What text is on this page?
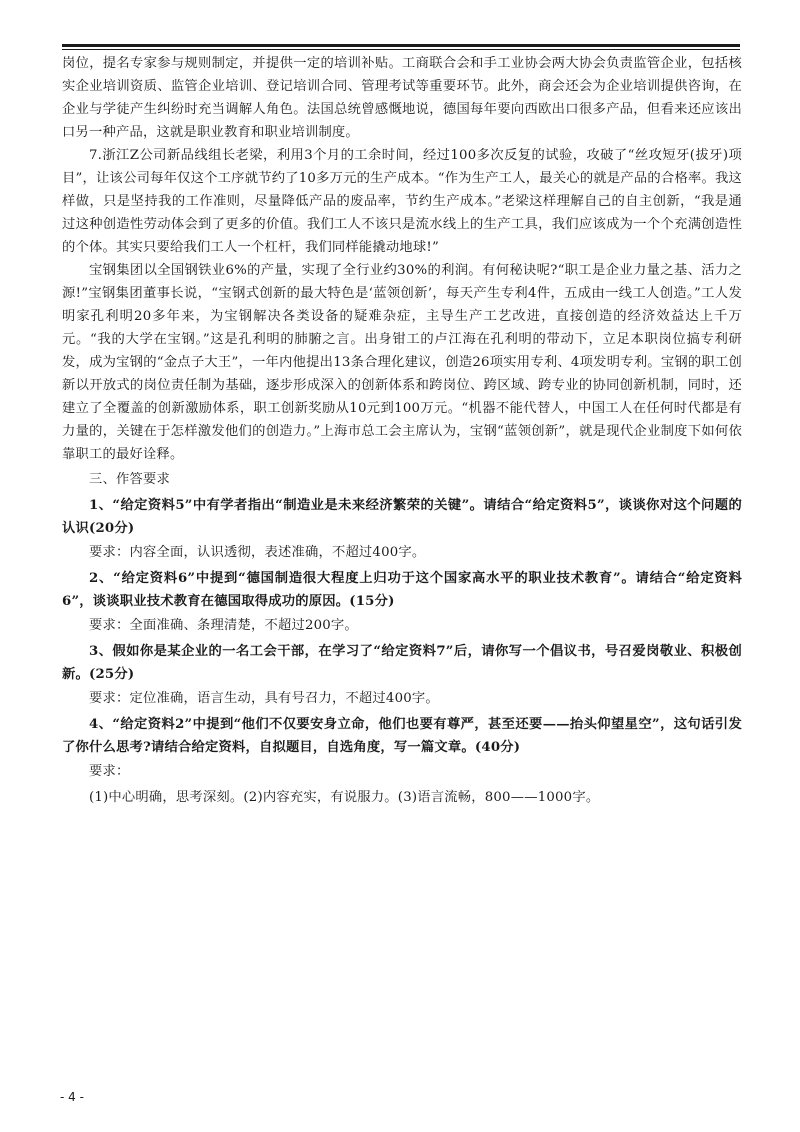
岗位，提名专家参与规则制定，并提供一定的培训补贴。工商联合会和手工业协会两大协会负责监管企业，包括核实企业培训资质、监管企业培训、登记培训合同、管理考试等重要环节。此外，商会还会为企业培训提供咨询，在企业与学徒产生纠纷时充当调解人角色。法国总统曾感慨地说，德国每年要向西欧出口很多产品，但看来还应该出口另一种产品，这就是职业教育和职业培训制度。

7.浙江Z公司新品线组长老梁，利用3个月的工余时间，经过100多次反复的试验，攻破了“丝攻短牙(拔牙)项目”，让该公司每年仅这个工序就节约了10多万元的生产成本。“作为生产工人，最关心的就是产品的合格率。我这样做，只是坚持我的工作准则，尽量降低产品的废品率，节约生产成本。”老梁这样理解自己的自主创新，“我是通过这种创造性劳动体会到了更多的价值。我们工人不该只是流水线上的生产工具，我们应该成为一个个充满创造性的个体。其实只要给我们工人一个杠杆，我们同样能撬动地球!”

宝钢集团以全国钢铁业6%的产量，实现了全行业约30%的利润。有何秘诀呢?“职工是企业力量之基、活力之源!”宝钢集团董事长说，“宝钢式创新的最大特色是‘蓝领创新’，每天产生专利4件，五成由一线工人创造。”工人发明家孔利明20多年来，为宝钢解决各类设备的疑难杂症，主导生产工艺改进，直接创造的经济效益达上千万元。“我的大学在宝钢。”这是孔利明的肺腑之言。出身钳工的卢江海在孔利明的带动下，立足本职岗位搞专利研发，成为宝钢的“金点子大王”，一年内他提出13条合理化建议，创造26项实用专利、4项发明专利。宝钢的职工创新以开放式的岗位责任制为基础，逐步形成深入的创新体系和跨岗位、跨区域、跨专业的协同创新机制，同时，还建立了全覆盖的创新激励体系，职工创新奖励从10元到100万元。“机器不能代替人，中国工人在任何时代都是有力量的，关键在于怎样激发他们的创造力。”上海市总工会主席认为，宝钢“蓝领创新”，就是现代企业制度下如何依靠职工的最好诠释。

三、作答要求

1、“给定资料5”中有学者指出“制造业是未来经济繁荣的关键”。请结合“给定资料5”，谈谈你对这个问题的认识(20分)

要求：内容全面，认识透彻，表述准确，不超过400字。

2、“给定资料6”中提到“德国制造很大程度上归功于这个国家高水平的职业技术教育”。请结合“给定资料6”，谈谈职业技术教育在德国取得成功的原因。(15分)

要求：全面准确、条理清楚，不超过200字。

3、假如你是某企业的一名工会干部，在学习了“给定资料7”后，请你写一个倡议书，号召爱岗敬业、积极创新。(25分)

要求：定位准确，语言生动，具有号召力，不超过400字。

4、“给定资料2”中提到“他们不仅要安身立命，他们也要有尊严，甚至还要——抬头仰望星空”，这句话引发了你什么思考?请结合给定资料，自拟题目，自选角度，写一篇文章。(40分)

要求：

(1)中心明确，思考深刻。(2)内容充实，有说服力。(3)语言流畅，800——1000字。

- 4 -
